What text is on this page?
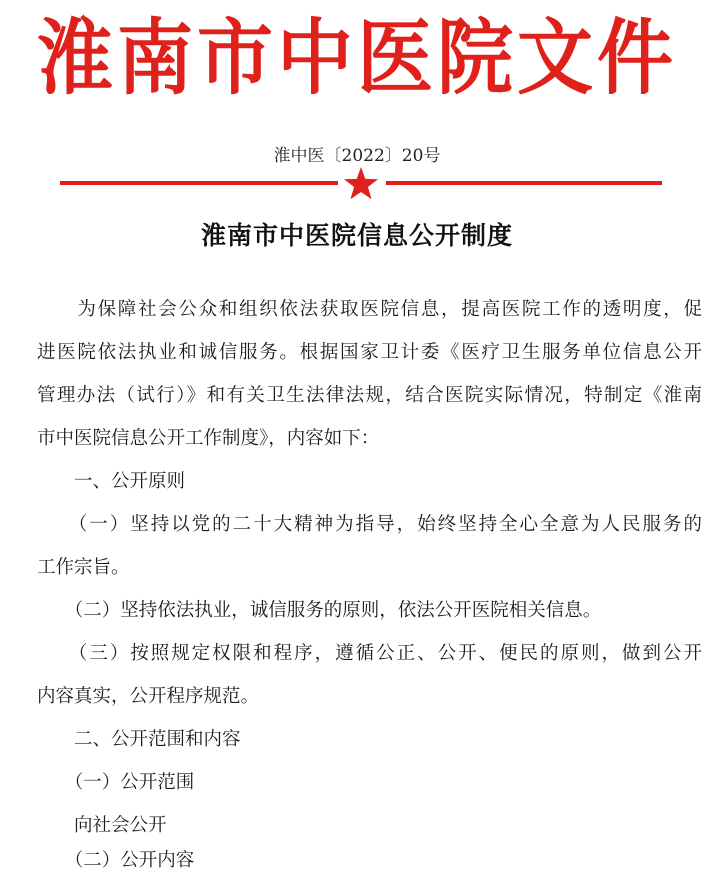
淮南市中医院文件
淮中医〔2022〕20号
淮南市中医院信息公开制度
　　为保障社会公众和组织依法获取医院信息，提高医院工作的透明度，促
进医院依法执业和诚信服务。根据国家卫计委《医疗卫生服务单位信息公开
管理办法（试行）》和有关卫生法律法规，结合医院实际情况，特制定《淮南
市中医院信息公开工作制度》，内容如下：
　　一、公开原则
　　（一）坚持以党的二十大精神为指导，始终坚持全心全意为人民服务的
工作宗旨。
　　（二）坚持依法执业，诚信服务的原则，依法公开医院相关信息。
　　（三）按照规定权限和程序，遵循公正、公开、便民的原则，做到公开
内容真实，公开程序规范。
　　二、公开范围和内容
　　（一）公开范围
　　向社会公开
　　（二）公开内容
